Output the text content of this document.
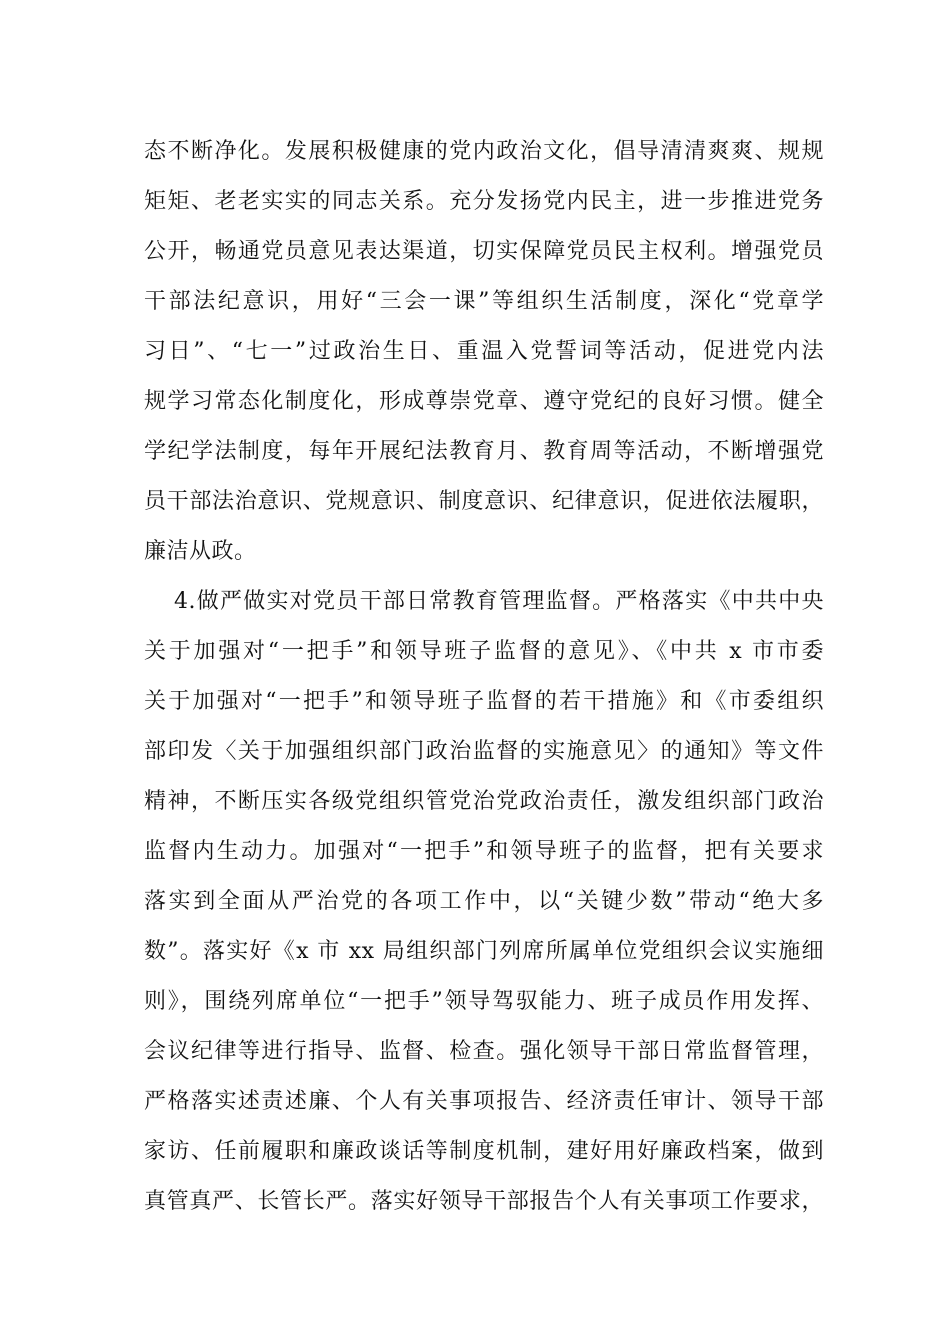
态不断净化。发展积极健康的党内政治文化，倡导清清爽爽、规规
矩矩、老老实实的同志关系。充分发扬党内民主，进一步推进党务
公开，畅通党员意见表达渠道，切实保障党员民主权利。增强党员
干部法纪意识，用好“三会一课”等组织生活制度，深化“党章学
习日”、“七一”过政治生日、重温入党誓词等活动，促进党内法
规学习常态化制度化，形成尊崇党章、遵守党纪的良好习惯。健全
学纪学法制度，每年开展纪法教育月、教育周等活动，不断增强党
员干部法治意识、党规意识、制度意识、纪律意识，促进依法履职，
廉洁从政。
4.做严做实对党员干部日常教育管理监督。严格落实《中共中央
关于加强对“一把手”和领导班子监督的意见》、《中共 x 市市委
关于加强对“一把手”和领导班子监督的若干措施》和《市委组织
部印发〈关于加强组织部门政治监督的实施意见〉的通知》等文件
精神，不断压实各级党组织管党治党政治责任，激发组织部门政治
监督内生动力。加强对“一把手”和领导班子的监督，把有关要求
落实到全面从严治党的各项工作中，以“关键少数”带动“绝大多
数”。落实好《x 市 xx 局组织部门列席所属单位党组织会议实施细
则》，围绕列席单位“一把手”领导驾驭能力、班子成员作用发挥、
会议纪律等进行指导、监督、检查。强化领导干部日常监督管理，
严格落实述责述廉、个人有关事项报告、经济责任审计、领导干部
家访、任前履职和廉政谈话等制度机制，建好用好廉政档案，做到
真管真严、长管长严。落实好领导干部报告个人有关事项工作要求，
